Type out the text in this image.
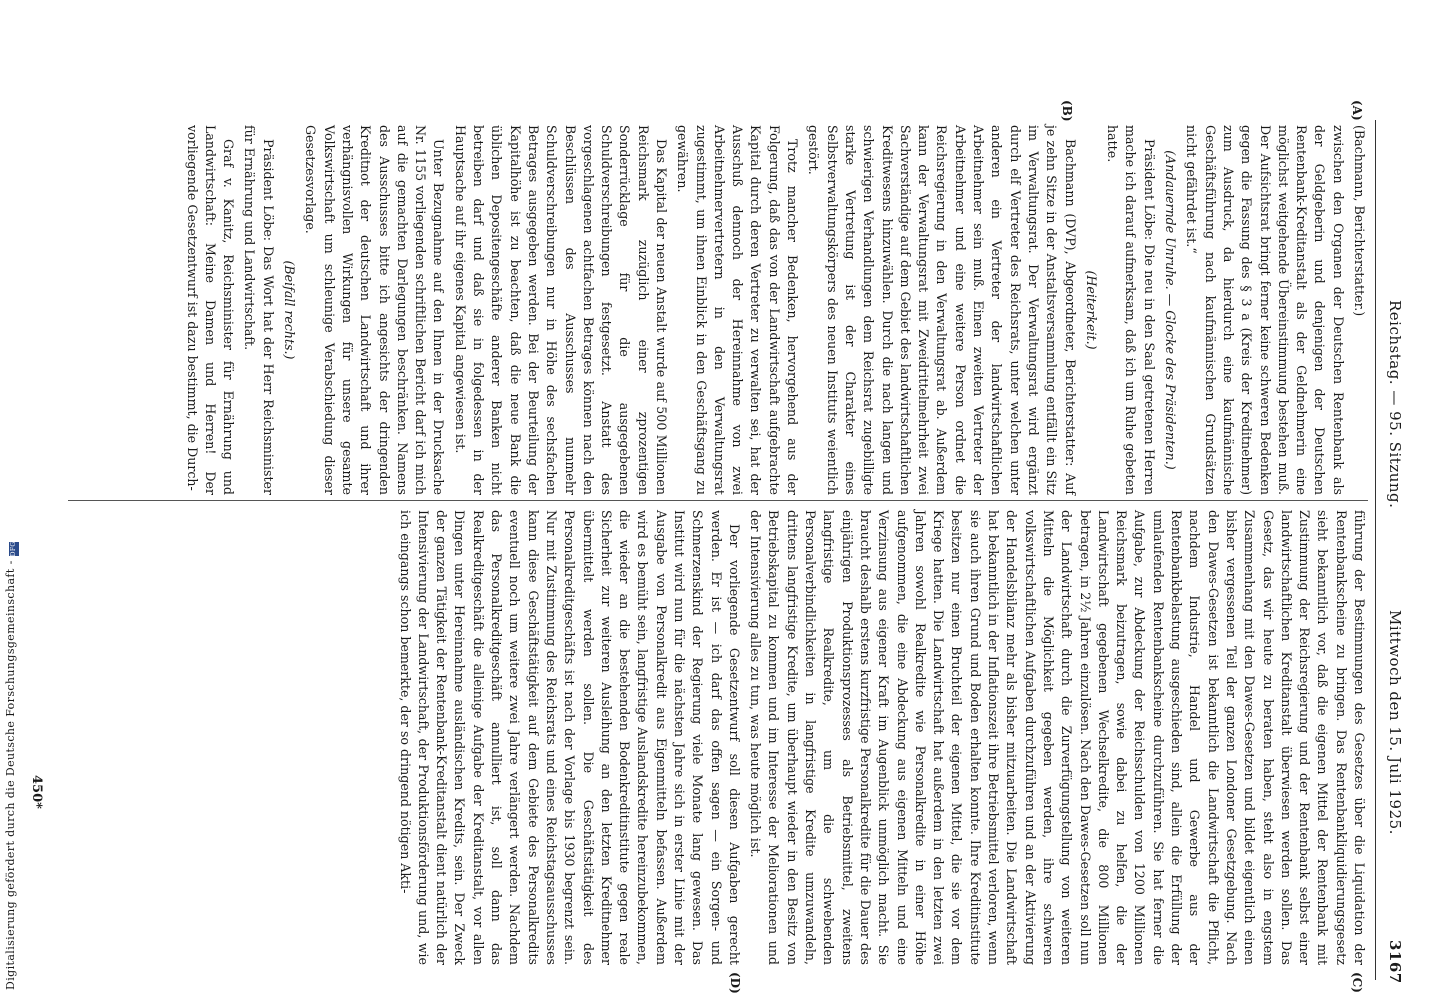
Reichstag. — 95. Sitzung.
Mittwoch den 15. Juli 1925.
3167
(A)
(B)
(C)
(D)

(Bachmann, Berichterstatter.)

zwischen den Organen der Deutschen Rentenbank als der Geldgeberin und denjenigen der Deutschen Rentenbank-Kreditanstalt als der Geldnehmerin eine möglichst weitgehende Übereinstimmung bestehen muß. Der Aufsichtsrat bringt ferner keine schweren Bedenken gegen die Fassung des § 3 a (Kreis der Kreditnehmer) zum Ausdruck, da hierdurch eine kaufmännische Geschäftsführung nach kaufmännischen Grundsätzen nicht gefährdet ist.“

(Andauernde Unruhe. — Glocke des Präsidenten.)

Präsident Löbe: Die neu in den Saal getretenen Herren mache ich darauf aufmerksam, daß ich um Ruhe gebeten hatte.

(Heiterkeit.)

Bachmann (DVP), Abgeordneter, Berichterstatter: Auf je zehn Sitze in der Anstaltsversammlung entfällt ein Sitz im Verwaltungsrat. Der Verwaltungsrat wird ergänzt durch elf Vertreter des Reichsrats, unter welchen unter anderen ein Vertreter der landwirtschaftlichen Arbeitnehmer sein muß. Einen zweiten Vertreter der Arbeitnehmer und eine weitere Person ordnet die Reichsregierung in den Verwaltungsrat ab. Außerdem kann der Verwaltungsrat mit Zweidrittelmehrheit zwei Sachverständige auf dem Gebiet des landwirtschaftlichen Kreditwesens hinzuwählen. Durch die nach langen und schwierigen Verhandlungen dem Reichsrat zugebilligte starke Vertretung ist der Charakter eines Selbstverwaltungskörpers des neuen Instituts weientlich gestört.

Trotz mancher Bedenken, hervorgehend aus der Folgerung, daß das von der Landwirtschaft aufgebrachte Kapital durch deren Vertreter zu verwalten sei, hat der Ausschuß dennoch der Hereinnahme von zwei Arbeitnehmervertretern in den Verwaltungsrat zugestimmt, um ihnen Einblick in den Geschäftsgang zu gewähren.

Das Kapital der neuen Anstalt wurde auf 500 Millionen Reichsmark zuzüglich einer zprozentigen Sonderrücklage für die ausgegebenen Schuldverschreibungen festgesetzt. Anstatt des vorgeschlagenen achtfachen Betrages können nach den Beschlüssen des Ausschusses nunmehr Schuldverschreibungen nur in Höhe des sechsfachen Betrages ausgegeben werden. Bei der Beurteilung der Kapitalhöhe ist zu beachten, daß die neue Bank die üblichen Depositengeschäfte anderer Banken nicht betreiben darf und daß sie in folgedessen in der Hauptsache auf ihr eigenes Kapital angewiesen ist.

Unter Bezugnahme auf den Ihnen in der Drucksache Nr. 1155 vorliegenden schriftlichen Bericht darf ich mich auf die gemachten Darlegungen beschränken. Namens des Ausschusses bitte ich angesichts der dringenden Kreditnot der deutschen Landwirtschaft und ihrer verhängnisvollen Wirkungen für unsere gesamte Volkswirtschaft um schleunige Verabschiedung dieser Gesetzesvorlage.

(Beifall rechts.)

Präsident Löbe: Das Wort hat der Herr Reichsminister für Ernährung und Landwirtschaft.

Graf v. Kanitz, Reichsminister für Ernährung und Landwirtschaft: Meine Damen und Herren! Der vorliegende Gesetzentwurf ist dazu bestimmt, die Durch-

führung der Bestimmungen des Gesetzes über die Liquidation der Rentenbankscheine zu bringen. Das Rentenbankliquidierungsgesetz sieht bekanntlich vor, daß die eigenen Mittel der Rentenbank mit Zustimmung der Reichsregierung und der Rentenbank selbst einer landwirtschaftlichen Kreditanstalt überwiesen werden sollen. Das Gesetz, das wir heute zu beraten haben, steht also in engstem Zusammenhang mit den Dawes-Gesetzen und bildet eigentlich einen bisher vergessenen Teil der ganzen Londoner Gesetzgebung. Nach den Dawes-Gesetzen ist bekanntlich die Landwirtschaft die Pflicht, nachdem Industrie, Handel und Gewerbe aus der Rentenbankbelastung ausgeschieden sind, allein die Erfüllung der umlaufenden Rentenbankscheine durchzuführen. Sie hat ferner die Aufgabe, zur Abdeckung der Reichsschulden von 1200 Millionen Reichsmark beizutragen, sowie dabei zu helfen, die der Landwirtschaft gegebenen Wechselkredite, die 800 Millionen betragen, in 2½ Jahren einzulösen. Nach den Dawes-Gesetzen soll nun der Landwirtschaft durch die Zurverfügungstellung von weiteren Mitteln die Möglichkeit gegeben werden, ihre schweren volkswirtschaftlichen Aufgaben durchzuführen und an der Aktivierung der Handelsbilanz mehr als bisher mitzuarbeiten. Die Landwirtschaft hat bekanntlich in der Inflationszeit ihre Betriebsmittel verloren, wenn sie auch ihren Grund und Boden erhalten konnte. Ihre Kreditinstitute besitzen nur einen Bruchteil der eigenen Mittel, die sie vor dem Kriege hatten. Die Landwirtschaft hat außerdem in den letzten zwei Jahren sowohl Realkredite wie Personalkredite in einer Höhe aufgenommen, die eine Abdeckung aus eigenen Mitteln und eine Verzinsung aus eigener Kraft im Augenblick unmöglich macht. Sie braucht deshalb erstens kurzfristige Personalkredite für die Dauer des einjährigen Produktionsprozesses als Betriebsmittel, zweitens langfristige Realkredite, um die schwebenden Personalverbindlichkeiten in langfristige Kredite umzuwandeln, drittens langfristige Kredite, um überhaupt wieder in den Besitz von Betriebskapital zu kommen und im Interesse der Meliorationen und der Intensivierung alles zu tun, was heute möglich ist.

Der vorliegende Gesetzentwurf soll diesen Aufgaben gerecht werden. Er ist — ich darf das offen sagen — ein Sorgen- und Schmerzenskind der Regierung viele Monate lang gewesen. Das Institut wird nun für die nächsten Jahre sich in erster Linie mit der Ausgabe von Personalkredit aus Eigenmitteln befassen. Außerdem wird es bemüht sein, langfristige Auslandskredite hereinzubekommen, die wieder an die bestehenden Bodenkreditinstitute gegen reale Sicherheit zur weiteren Ausleihung an den letzten Kreditnehmer übermittelt werden sollen. Die Geschäftstätigkeit des Personalkreditgeschäfts ist nach der Vorlage bis 1930 begrenzt sein. Nur mit Zustimmung des Reichsrats und eines Reichstagsausschusses kann diese Geschäftstätigkeit auf dem Gebiete des Personalkredits eventuell noch um weitere zwei Jahre verlängert werden. Nachdem das Personalkreditgeschäft annulliert ist, soll dann das Realkreditgeschäft die alleinige Aufgabe der Kreditanstalt, vor allen Dingen unter Hereinnahme ausländischen Kredits, sein. Der Zweck der ganzen Tätigkeit der Rentenbank-Kreditanstalt dient natürlich der Intensivierung der Landwirtschaft, der Produktionsförderung und, wie ich eingangs schon bemerkte, der so dringend nötigen Akti-

450*
Digitalisierung gefördert durch die Deutsche Forschungsgemeinschaft - DFG
